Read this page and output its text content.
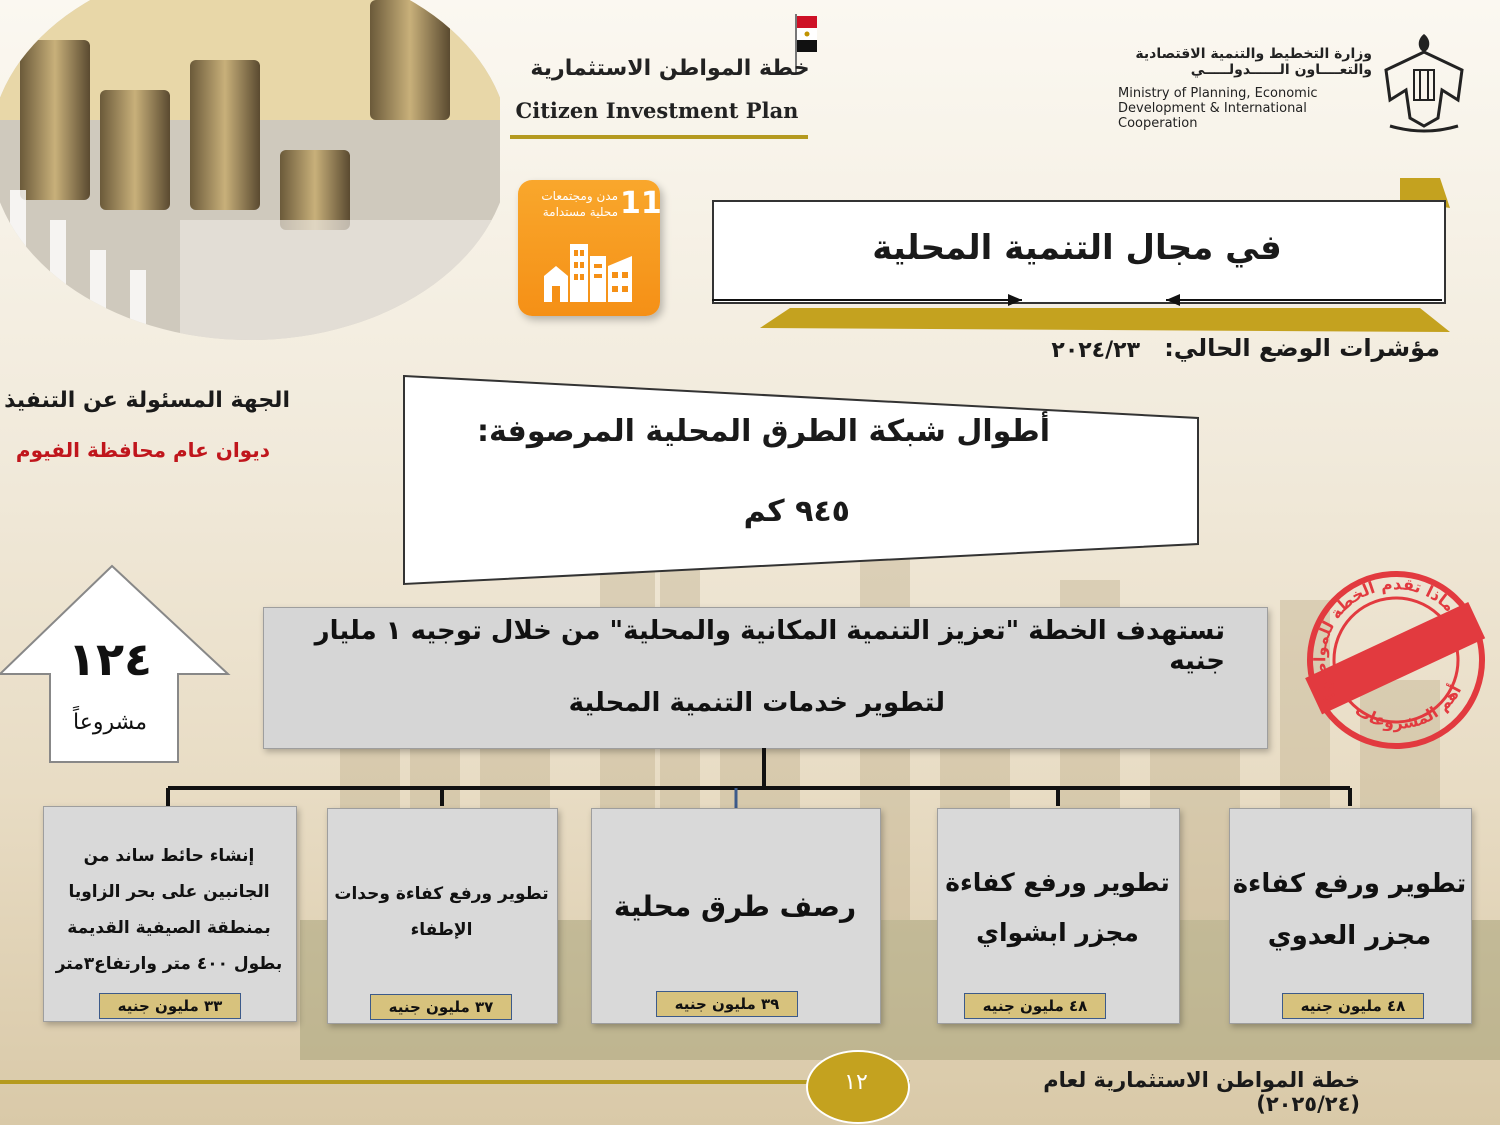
خطة المواطن الاستثمارية
Citizen Investment Plan
وزارة التخطيط والتنمية الاقتصادية
والتعــــاون الــــــدولـــــي
Ministry of Planning, Economic
Development & International
Cooperation
11
مدن ومجتمعات
محلية مستدامة
في مجال التنمية المحلية
مؤشرات الوضع الحالي:
٢٠٢٤/٢٣
الجهة المسئولة عن التنفيذ
ديوان عام محافظة الفيوم
أطوال شبكة الطرق المحلية المرصوفة:
٩٤٥ كم
١٢٤
مشروعاً
ماذا تقدم الخطة للمواطن؟
أهم المشروعات
تستهدف الخطة "تعزيز التنمية المكانية والمحلية" من خلال توجيه ١ مليار جنيه
لتطوير خدمات التنمية المحلية
تطوير ورفع كفاءة
مجزر العدوي
٤٨ مليون جنيه
تطوير ورفع كفاءة
مجزر ابشواي
٤٨ مليون جنيه
رصف طرق محلية
٣٩ مليون جنيه
تطوير ورفع كفاءة وحدات
الإطفاء
٣٧ مليون جنيه
إنشاء حائط ساند من
الجانبين على بحر الزاويا
بمنطقة الصيفية القديمة
بطول ٤٠٠ متر وارتفاع٣متر
٣٣ مليون جنيه
١٢	خطة المواطن الاستثمارية لعام (٢٠٢٥/٢٤)
